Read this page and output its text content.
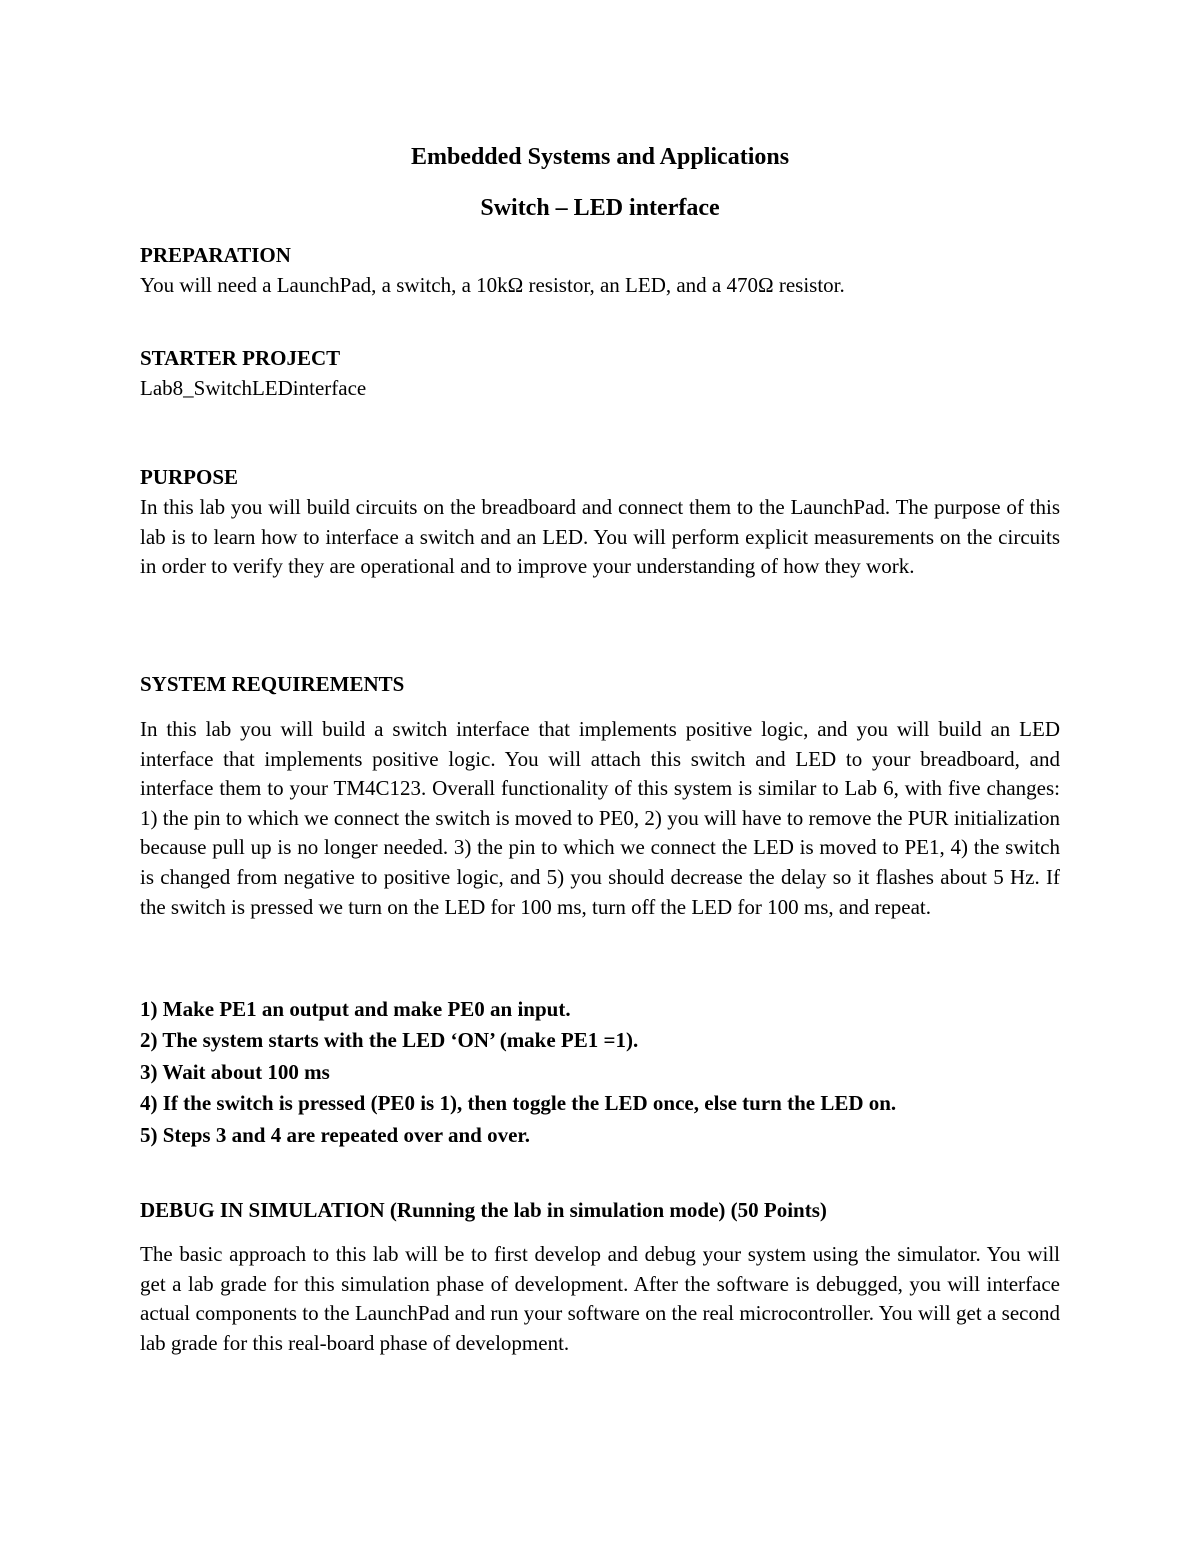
Embedded Systems and Applications
Switch – LED interface
PREPARATION
You will need a LaunchPad, a switch, a 10kΩ resistor, an LED, and a 470Ω resistor.
STARTER PROJECT
Lab8_SwitchLEDinterface
PURPOSE

In this lab you will build circuits on the breadboard and connect them to the LaunchPad. The purpose of this lab is to learn how to interface a switch and an LED. You will perform explicit measurements on the circuits in order to verify they are operational and to improve your understanding of how they work.

SYSTEM REQUIREMENTS

In this lab you will build a switch interface that implements positive logic, and you will build an LED interface that implements positive logic. You will attach this switch and LED to your breadboard, and interface them to your TM4C123. Overall functionality of this system is similar to Lab 6, with five changes: 1) the pin to which we connect the switch is moved to PE0, 2) you will have to remove the PUR initialization because pull up is no longer needed. 3) the pin to which we connect the LED is moved to PE1, 4) the switch is changed from negative to positive logic, and 5) you should decrease the delay so it flashes about 5 Hz. If the switch is pressed we turn on the LED for 100 ms, turn off the LED for 100 ms, and repeat.

1) Make PE1 an output and make PE0 an input.
2) The system starts with the LED ‘ON’ (make PE1 =1).
3) Wait about 100 ms
4) If the switch is pressed (PE0 is 1), then toggle the LED once, else turn the LED on.
5) Steps 3 and 4 are repeated over and over.
DEBUG IN SIMULATION (Running the lab in simulation mode) (50 Points)

The basic approach to this lab will be to first develop and debug your system using the simulator. You will get a lab grade for this simulation phase of development. After the software is debugged, you will interface actual components to the LaunchPad and run your software on the real microcontroller. You will get a second lab grade for this real-board phase of development.
